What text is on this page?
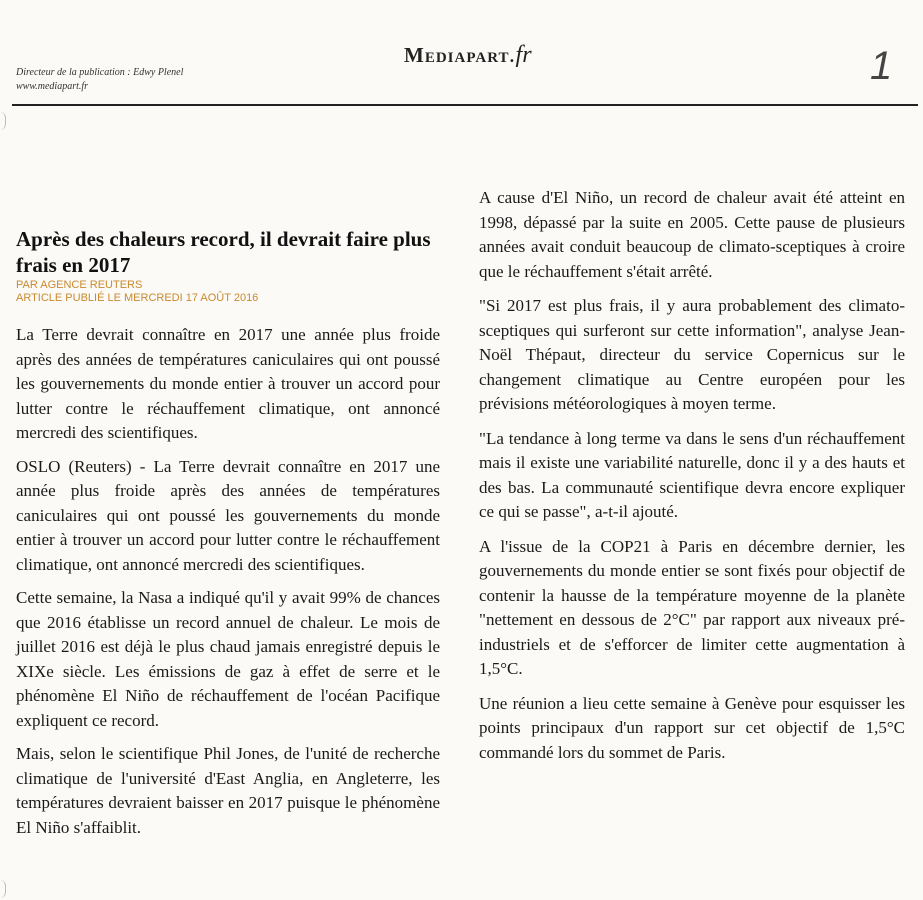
Directeur de la publication : Edwy Plenel
www.mediapart.fr
Mediapart.fr	1
Après des chaleurs record, il devrait faire plus frais en 2017
PAR AGENCE REUTERS
ARTICLE PUBLIÉ LE MERCREDI 17 AOÛT 2016

La Terre devrait connaître en 2017 une année plus froide après des années de températures caniculaires qui ont poussé les gouvernements du monde entier à trouver un accord pour lutter contre le réchauffement climatique, ont annoncé mercredi des scientifiques.

OSLO (Reuters) - La Terre devrait connaître en 2017 une année plus froide après des années de températures caniculaires qui ont poussé les gouvernements du monde entier à trouver un accord pour lutter contre le réchauffement climatique, ont annoncé mercredi des scientifiques.

Cette semaine, la Nasa a indiqué qu'il y avait 99% de chances que 2016 établisse un record annuel de chaleur. Le mois de juillet 2016 est déjà le plus chaud jamais enregistré depuis le XIXe siècle. Les émissions de gaz à effet de serre et le phénomène El Niño de réchauffement de l'océan Pacifique expliquent ce record.

Mais, selon le scientifique Phil Jones, de l'unité de recherche climatique de l'université d'East Anglia, en Angleterre, les températures devraient baisser en 2017 puisque le phénomène El Niño s'affaiblit.

A cause d'El Niño, un record de chaleur avait été atteint en 1998, dépassé par la suite en 2005. Cette pause de plusieurs années avait conduit beaucoup de climato-sceptiques à croire que le réchauffement s'était arrêté.

"Si 2017 est plus frais, il y aura probablement des climato-sceptiques qui surferont sur cette information", analyse Jean-Noël Thépaut, directeur du service Copernicus sur le changement climatique au Centre européen pour les prévisions météorologiques à moyen terme.

"La tendance à long terme va dans le sens d'un réchauffement mais il existe une variabilité naturelle, donc il y a des hauts et des bas. La communauté scientifique devra encore expliquer ce qui se passe", a-t-il ajouté.

A l'issue de la COP21 à Paris en décembre dernier, les gouvernements du monde entier se sont fixés pour objectif de contenir la hausse de la température moyenne de la planète "nettement en dessous de 2°C" par rapport aux niveaux pré-industriels et de s'efforcer de limiter cette augmentation à 1,5°C.

Une réunion a lieu cette semaine à Genève pour esquisser les points principaux d'un rapport sur cet objectif de 1,5°C commandé lors du sommet de Paris.
